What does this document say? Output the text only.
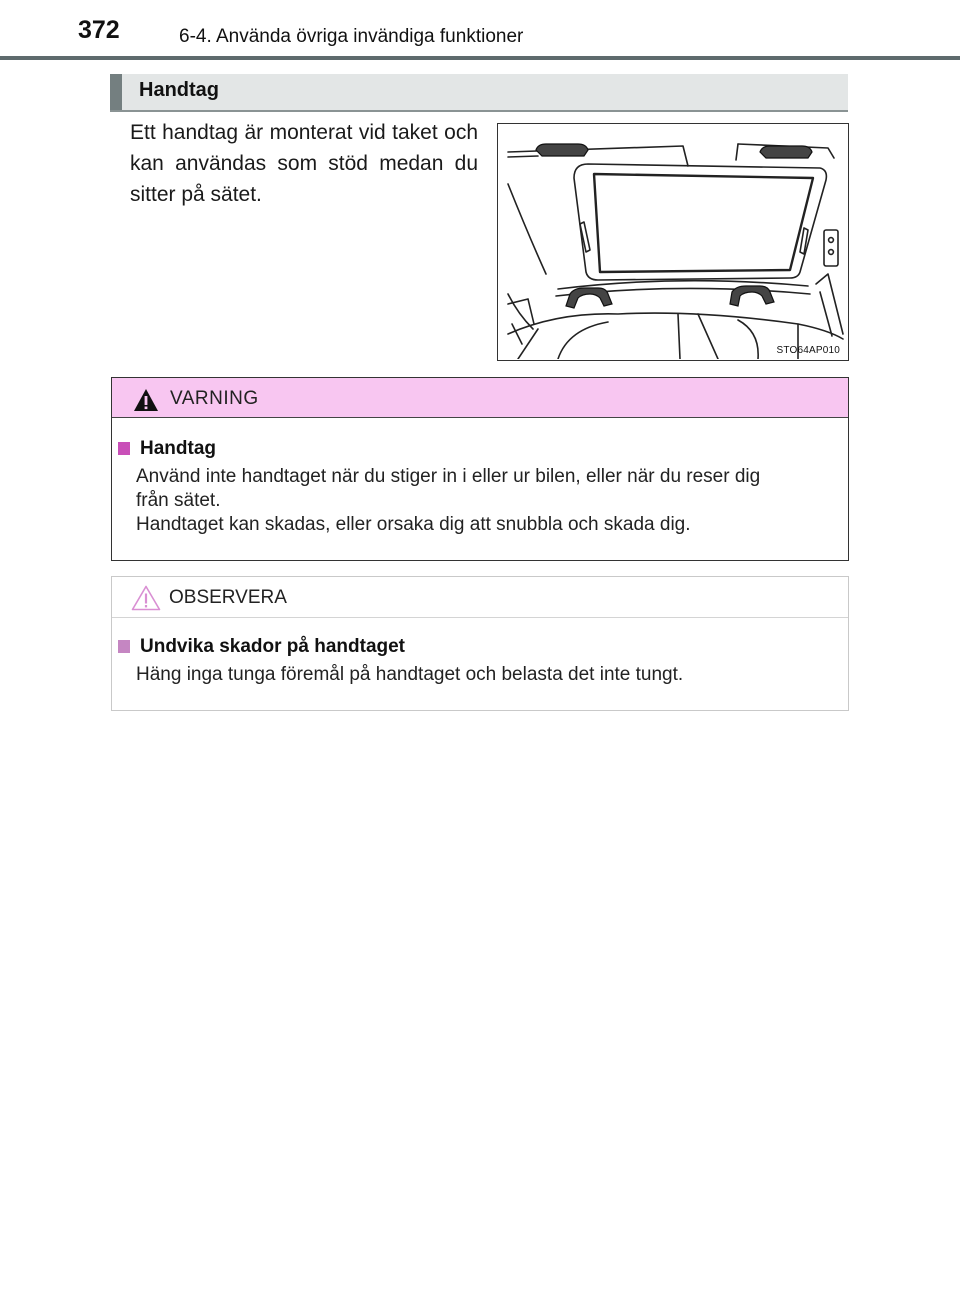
372	6-4. Använda övriga invändiga funktioner
Handtag
Ett handtag är monterat vid taket och kan användas som stöd medan du sitter på sätet.
STO64AP010
VARNING
Handtag
Använd inte handtaget när du stiger in i eller ur bilen, eller när du reser dig
från sätet.
Handtaget kan skadas, eller orsaka dig att snubbla och skada dig.
OBSERVERA
Undvika skador på handtaget
Häng inga tunga föremål på handtaget och belasta det inte tungt.
